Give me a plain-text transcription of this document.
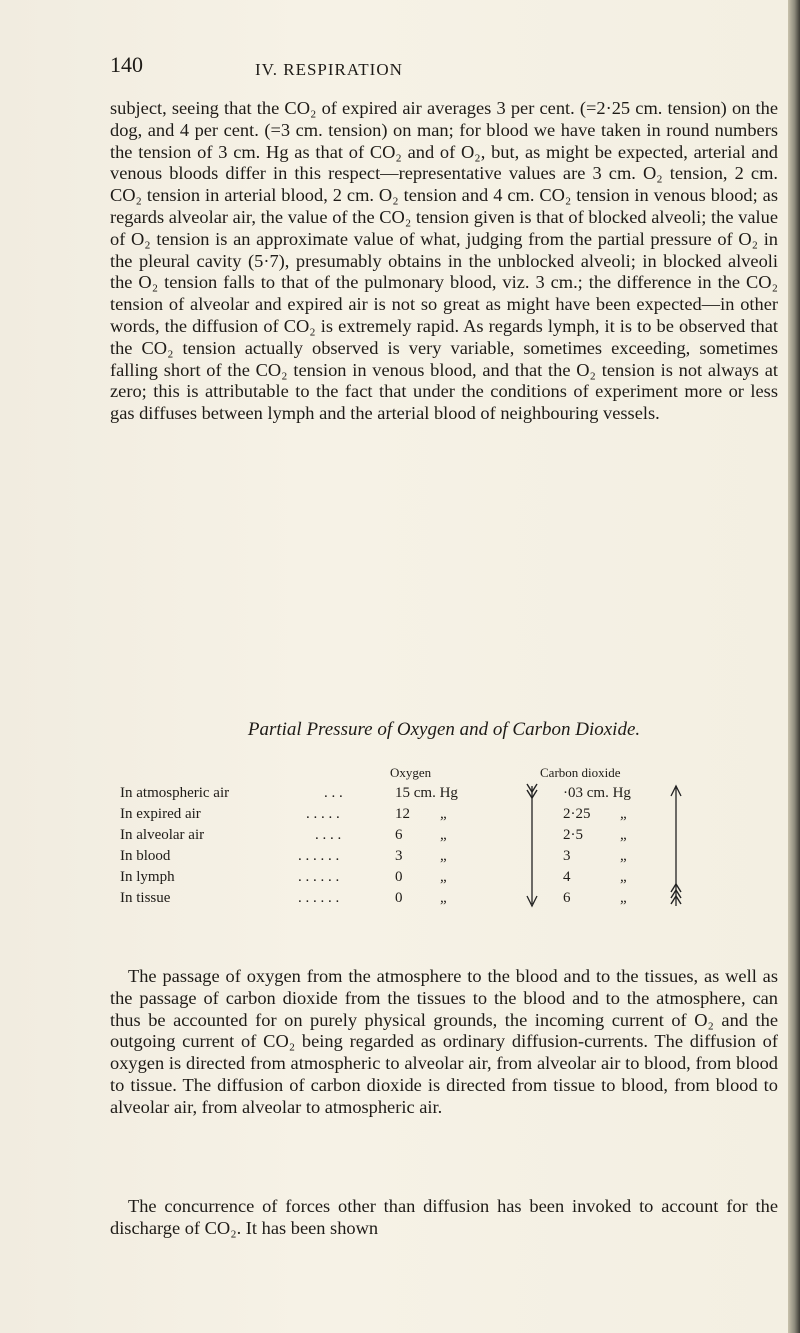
140	IV. RESPIRATION
subject, seeing that the CO₂ of expired air averages 3 per cent. (=2·25 cm. tension) on the dog, and 4 per cent. (=3 cm. tension) on man; for blood we have taken in round numbers the tension of 3 cm. Hg as that of CO₂ and of O₂, but, as might be expected, arterial and venous bloods differ in this respect—representative values are 3 cm. O₂ tension, 2 cm. CO₂ tension in arterial blood, 2 cm. O₂ tension and 4 cm. CO₂ tension in venous blood; as regards alveolar air, the value of the CO₂ tension given is that of blocked alveoli; the value of O₂ tension is an approximate value of what, judging from the partial pressure of O₂ in the pleural cavity (5·7), presumably obtains in the unblocked alveoli; in blocked alveoli the O₂ tension falls to that of the pulmonary blood, viz. 3 cm.; the difference in the CO₂ tension of alveolar and expired air is not so great as might have been expected—in other words, the diffusion of CO₂ is extremely rapid. As regards lymph, it is to be observed that the CO₂ tension actually observed is very variable, sometimes exceeding, sometimes falling short of the CO₂ tension in venous blood, and that the O₂ tension is not always at zero; this is attributable to the fact that under the conditions of experiment more or less gas diffuses between lymph and the arterial blood of neighbouring vessels.
Partial Pressure of Oxygen and of Carbon Dioxide.
Oxygen	Carbon dioxide
In atmospheric air	. . .	15 cm. Hg	·03 cm. Hg
In expired air	. . . . .	12 „	2·25 „
In alveolar air	. . . .	6	„	2·5 „
In blood	. . . . . .	3	„	3	„
In lymph	. . . . . .	0	„	4	„
In tissue	. . . . . .	0	„	6	„
The passage of oxygen from the atmosphere to the blood and to the tissues, as well as the passage of carbon dioxide from the tissues to the blood and to the atmosphere, can thus be accounted for on purely physical grounds, the incoming current of O₂ and the outgoing current of CO₂ being regarded as ordinary diffusion-currents. The diffusion of oxygen is directed from atmospheric to alveolar air, from alveolar air to blood, from blood to tissue. The diffusion of carbon dioxide is directed from tissue to blood, from blood to alveolar air, from alveolar to atmospheric air.
The concurrence of forces other than diffusion has been invoked to account for the discharge of CO₂. It has been shown
